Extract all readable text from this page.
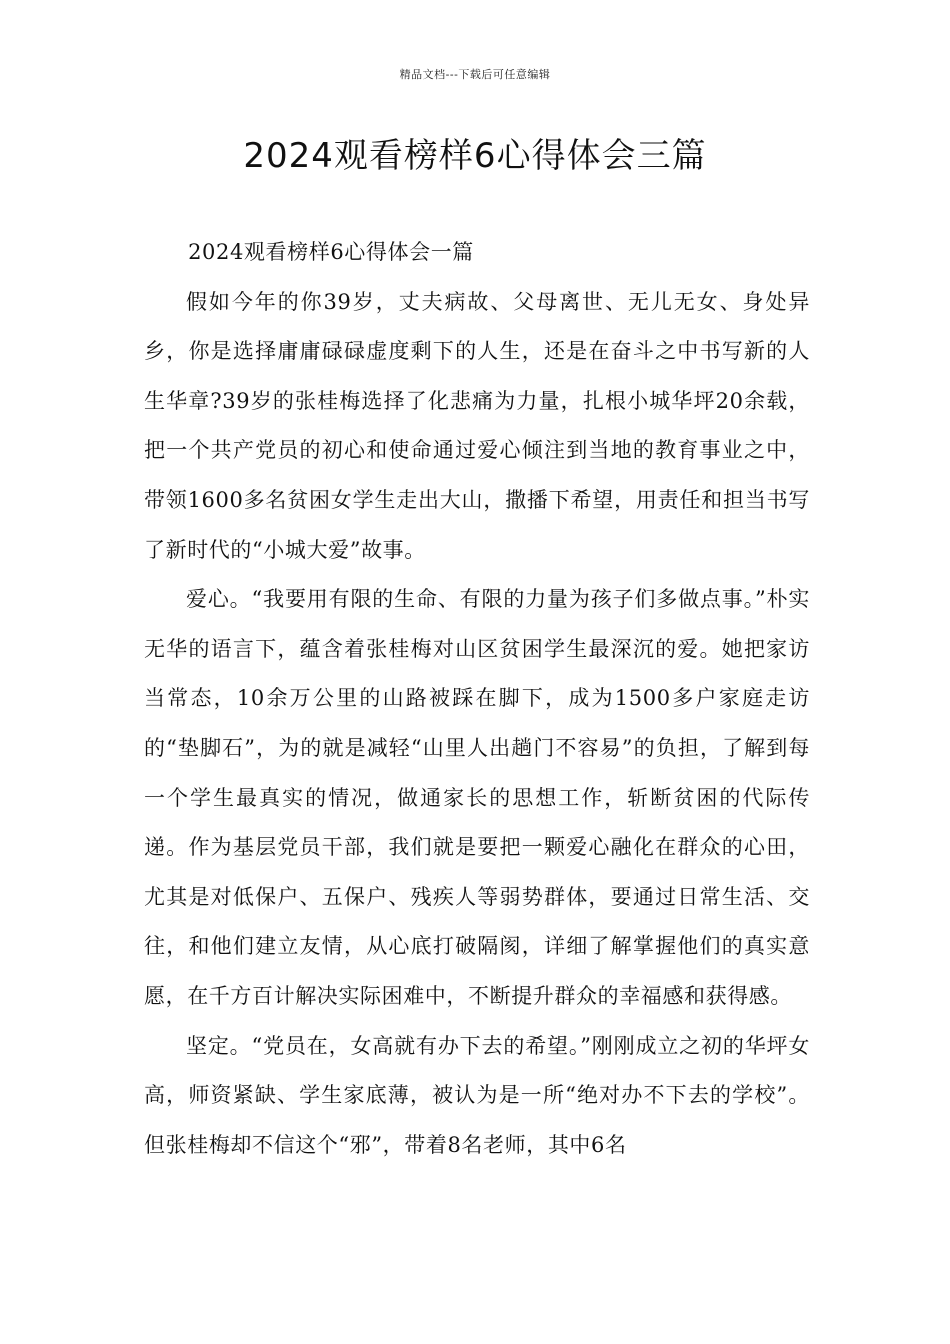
精品文档---下载后可任意编辑
2024观看榜样6心得体会三篇

2024观看榜样6心得体会一篇

假如今年的你39岁，丈夫病故、父母离世、无儿无女、身处异乡，你是选择庸庸碌碌虚度剩下的人生，还是在奋斗之中书写新的人生华章?39岁的张桂梅选择了化悲痛为力量，扎根小城华坪20余载，把一个共产党员的初心和使命通过爱心倾注到当地的教育事业之中，带领1600多名贫困女学生走出大山，撒播下希望，用责任和担当书写了新时代的“小城大爱”故事。

爱心。“我要用有限的生命、有限的力量为孩子们多做点事。”朴实无华的语言下，蕴含着张桂梅对山区贫困学生最深沉的爱。她把家访当常态，10余万公里的山路被踩在脚下，成为1500多户家庭走访的“垫脚石”，为的就是减轻“山里人出趟门不容易”的负担，了解到每一个学生最真实的情况，做通家长的思想工作，斩断贫困的代际传递。作为基层党员干部，我们就是要把一颗爱心融化在群众的心田，尤其是对低保户、五保户、残疾人等弱势群体，要通过日常生活、交往，和他们建立友情，从心底打破隔阂，详细了解掌握他们的真实意愿，在千方百计解决实际困难中，不断提升群众的幸福感和获得感。

坚定。“党员在，女高就有办下去的希望。”刚刚成立之初的华坪女高，师资紧缺、学生家底薄，被认为是一所“绝对办不下去的学校”。但张桂梅却不信这个“邪”，带着8名老师，其中6名
